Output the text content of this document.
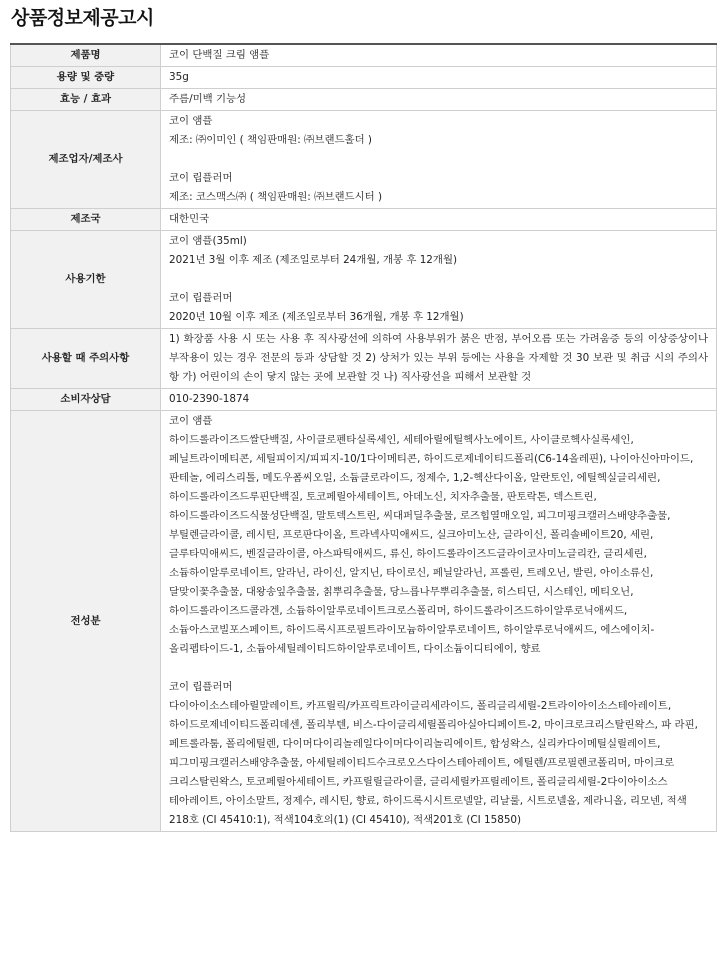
상품정보제공고시
제품명	코이 단백질 크림 앰플
용량 및 중량	35g
효능 / 효과	주름/미백 기능성
제조업자/제조사	코이 앰플
제조: ㈜이미인 ( 책임판매원: ㈜브랜드홀더 )
코이 립플러머
제조: 코스맥스㈜ ( 책임판매원: ㈜브랜드시터 )

제조국	대한민국
사용기한	코이 앰플(35ml)
2021년 3월 이후 제조 (제조일로부터 24개월, 개봉 후 12개월)
코이 립플러머
2020년 10월 이후 제조 (제조일로부터 36개월, 개봉 후 12개월)

사용할 때 주의사항	1) 화장품 사용 시 또는 사용 후 직사광선에 의하여 사용부위가 붉은 반점, 부어오름 또는 가려움증 등의 이상증상이나 부작용이 있는 경우 전문의 등과 상담할 것 2) 상처가 있는 부위 등에는 사용을 자제할 것 30 보관 및 취급 시의 주의사항 가) 어린이의 손이 닿지 않는 곳에 보관할 것 나) 직사광선을 피해서 보관할 것
소비자상담	010-2390-1874
전성분	코이 앰플
하이드롤라이즈드쌀단백질, 사이클로펜타실록세인, 세테아릴에틸헥사노에이트, 사이클로헥사실록세인, 페닐트라이메티콘, 세틸피이지/피피지-10/1다이메티콘, 하이드로제네이티드폴리(C6-14올레핀), 나이아신아마이드, 판테놀, 에리스리톨, 메도우폼씨오일, 소듐클로라이드, 정제수, 1,2-헥산다이올, 알란토인, 에틸헥실글리세린, 하이드롤라이즈드루핀단백질, 토코페릴아세테이트, 아데노신, 치자추출물, 판토락톤, 덱스트린, 하이드롤라이즈드식물성단백질, 말토덱스트린, 씨대퍼딜추출물, 로즈힙열매오일, 피그미핑크캘러스배양추출물, 부틸렌글라이콜, 레시틴, 프로판다이올, 트라넥사믹애씨드, 실크아미노산, 글라이신, 폴리솔베이트20, 세린, 글루타믹애씨드, 벤질글라이콜, 아스파틱애씨드, 류신, 하이드롤라이즈드글라이코사미노글리칸, 글리세린, 소듐하이알루로네이트, 알라닌, 라이신, 알지닌, 타이로신, 페닐알라닌, 프롤린, 트레오닌, 발린, 아이소류신, 달맞이꽃추출물, 대왕송잎추출물, 칡뿌리추출물, 당느릅나무뿌리추출물, 히스티딘, 시스테인, 메티오닌, 하이드롤라이즈드콜라겐, 소듐하이알루로네이트크로스폴리머, 하이드롤라이즈드하이알루로닉애씨드, 소듐아스코빌포스페이트, 하이드록시프로필트라이모늄하이알루로네이트, 하이알루로닉애씨드, 에스에이치-올리펩타이드-1, 소듐아세틸레이티드하이알루로네이트, 다이소듐이디티에이, 향료
코이 립플러머
다이아이소스테아릴말레이트, 카프릴릭/카프릭트라이글리세라이드, 폴리글리세릴-2트라이아이소스테아레이트, 하이드로제네이티드폴리데센, 폴리부텐, 비스-다이글리세릴폴리아실아디페이트-2, 마이크로크리스탈린왁스, 파 라핀, 페트롤라툼, 폴리에틸렌, 다이머다이리놀레일다이머다이리놀리에이트, 합성왁스, 실리카다이메틸실릴레이트, 피그미핑크캘러스배양추출물, 아세틸레이티드수크로오스다이스테아레이트, 에틸렌/프로필렌코폴리머, 마이크로 크리스탈린왁스, 토코페릴아세테이트, 카프릴릴글라이콜, 글리세릴카프릴레이트, 폴리글리세릴-2다이아이소스 테아레이트, 아이소말트, 정제수, 레시틴, 향료, 하이드록시시트로넬알, 리날룰, 시트로넬올, 제라니올, 리모넨, 적색 218호 (CI 45410:1), 적색104호의(1) (CI 45410), 적색201호 (CI 15850)
